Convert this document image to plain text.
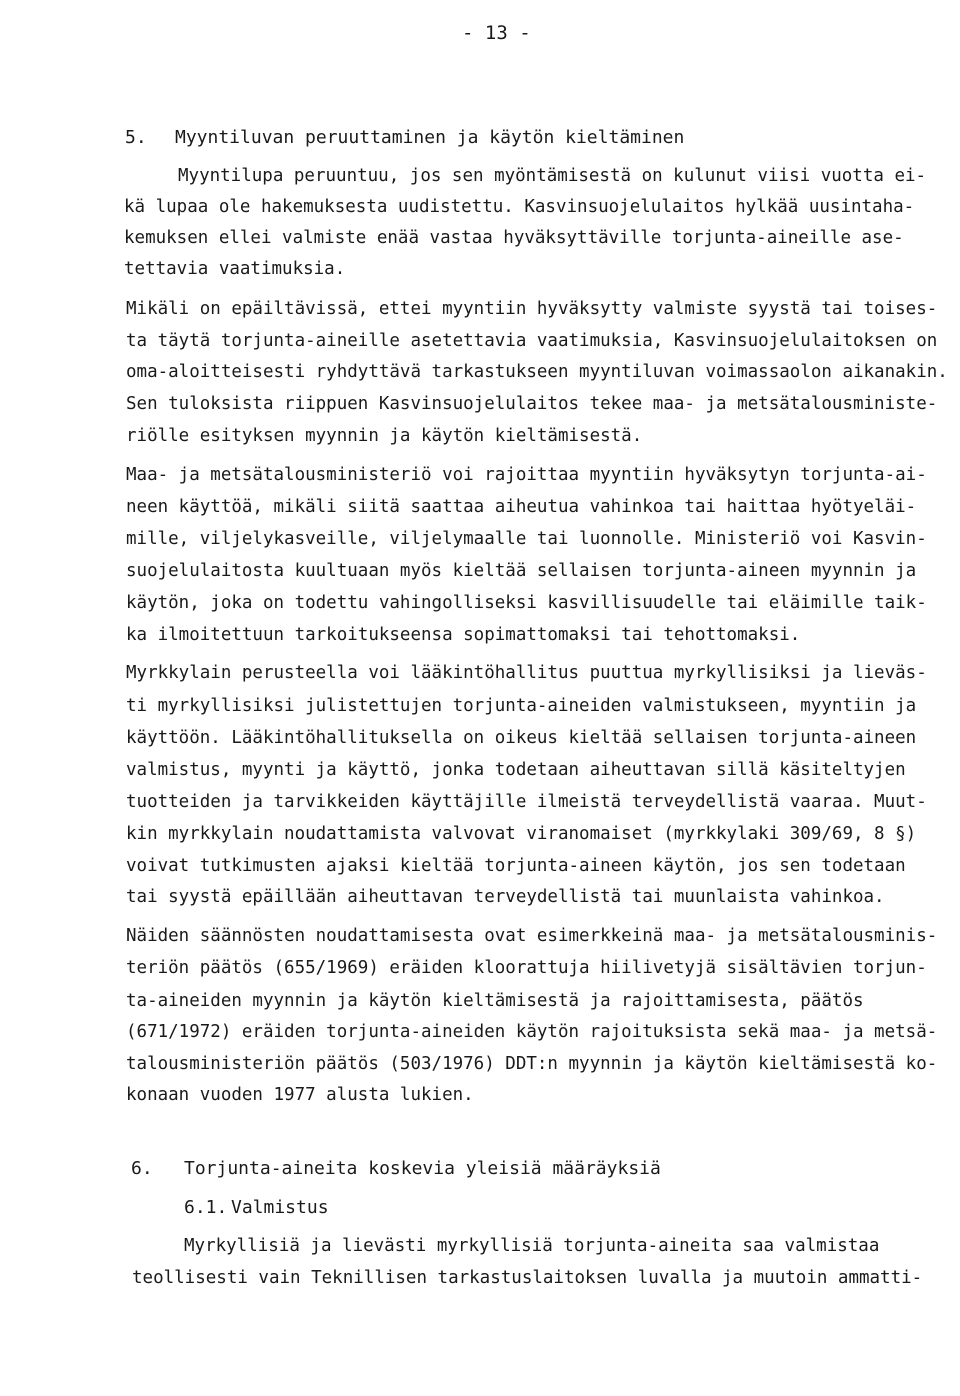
- 13 -
5. Myyntiluvan peruuttaminen ja käytön kieltäminen
Myyntilupa peruuntuu, jos sen myöntämisestä on kulunut viisi vuotta ei-
kä lupaa ole hakemuksesta uudistettu. Kasvinsuojelulaitos hylkää uusintaha-
kemuksen ellei valmiste enää vastaa hyväksyttäville torjunta-aineille ase-
tettavia vaatimuksia.
Mikäli on epäiltävissä, ettei myyntiin hyväksytty valmiste syystä tai toises-
ta täytä torjunta-aineille asetettavia vaatimuksia, Kasvinsuojelulaitoksen on
oma-aloitteisesti ryhdyttävä tarkastukseen myyntiluvan voimassaolon aikanakin.
Sen tuloksista riippuen Kasvinsuojelulaitos tekee maa- ja metsätalousministe-
riölle esityksen myynnin ja käytön kieltämisestä.
Maa- ja metsätalousministeriö voi rajoittaa myyntiin hyväksytyn torjunta-ai-
neen käyttöä, mikäli siitä saattaa aiheutua vahinkoa tai haittaa hyötyeläi-
mille, viljelykasveille, viljelymaalle tai luonnolle. Ministeriö voi Kasvin-
suojelulaitosta kuultuaan myös kieltää sellaisen torjunta-aineen myynnin ja
käytön, joka on todettu vahingolliseksi kasvillisuudelle tai eläimille taik-
ka ilmoitettuun tarkoitukseensa sopimattomaksi tai tehottomaksi.
Myrkkylain perusteella voi lääkintöhallitus puuttua myrkyllisiksi ja lieväs-
ti myrkyllisiksi julistettujen torjunta-aineiden valmistukseen, myyntiin ja
käyttöön. Lääkintöhallituksella on oikeus kieltää sellaisen torjunta-aineen
valmistus, myynti ja käyttö, jonka todetaan aiheuttavan sillä käsiteltyjen
tuotteiden ja tarvikkeiden käyttäjille ilmeistä terveydellistä vaaraa. Muut-
kin myrkkylain noudattamista valvovat viranomaiset (myrkkylaki 309/69, 8 §)
voivat tutkimusten ajaksi kieltää torjunta-aineen käytön, jos sen todetaan
tai syystä epäillään aiheuttavan terveydellistä tai muunlaista vahinkoa.
Näiden säännösten noudattamisesta ovat esimerkkeinä maa- ja metsätalousminis-
teriön päätös (655/1969) eräiden kloorattuja hiilivetyjä sisältävien torjun-
ta-aineiden myynnin ja käytön kieltämisestä ja rajoittamisesta, päätös
(671/1972) eräiden torjunta-aineiden käytön rajoituksista sekä maa- ja metsä-
talousministeriön päätös (503/1976) DDT:n myynnin ja käytön kieltämisestä ko-
konaan vuoden 1977 alusta lukien.
6. Torjunta-aineita koskevia yleisiä määräyksiä
6.1. Valmistus
Myrkyllisiä ja lievästi myrkyllisiä torjunta-aineita saa valmistaa
teollisesti vain Teknillisen tarkastuslaitoksen luvalla ja muutoin ammatti-
